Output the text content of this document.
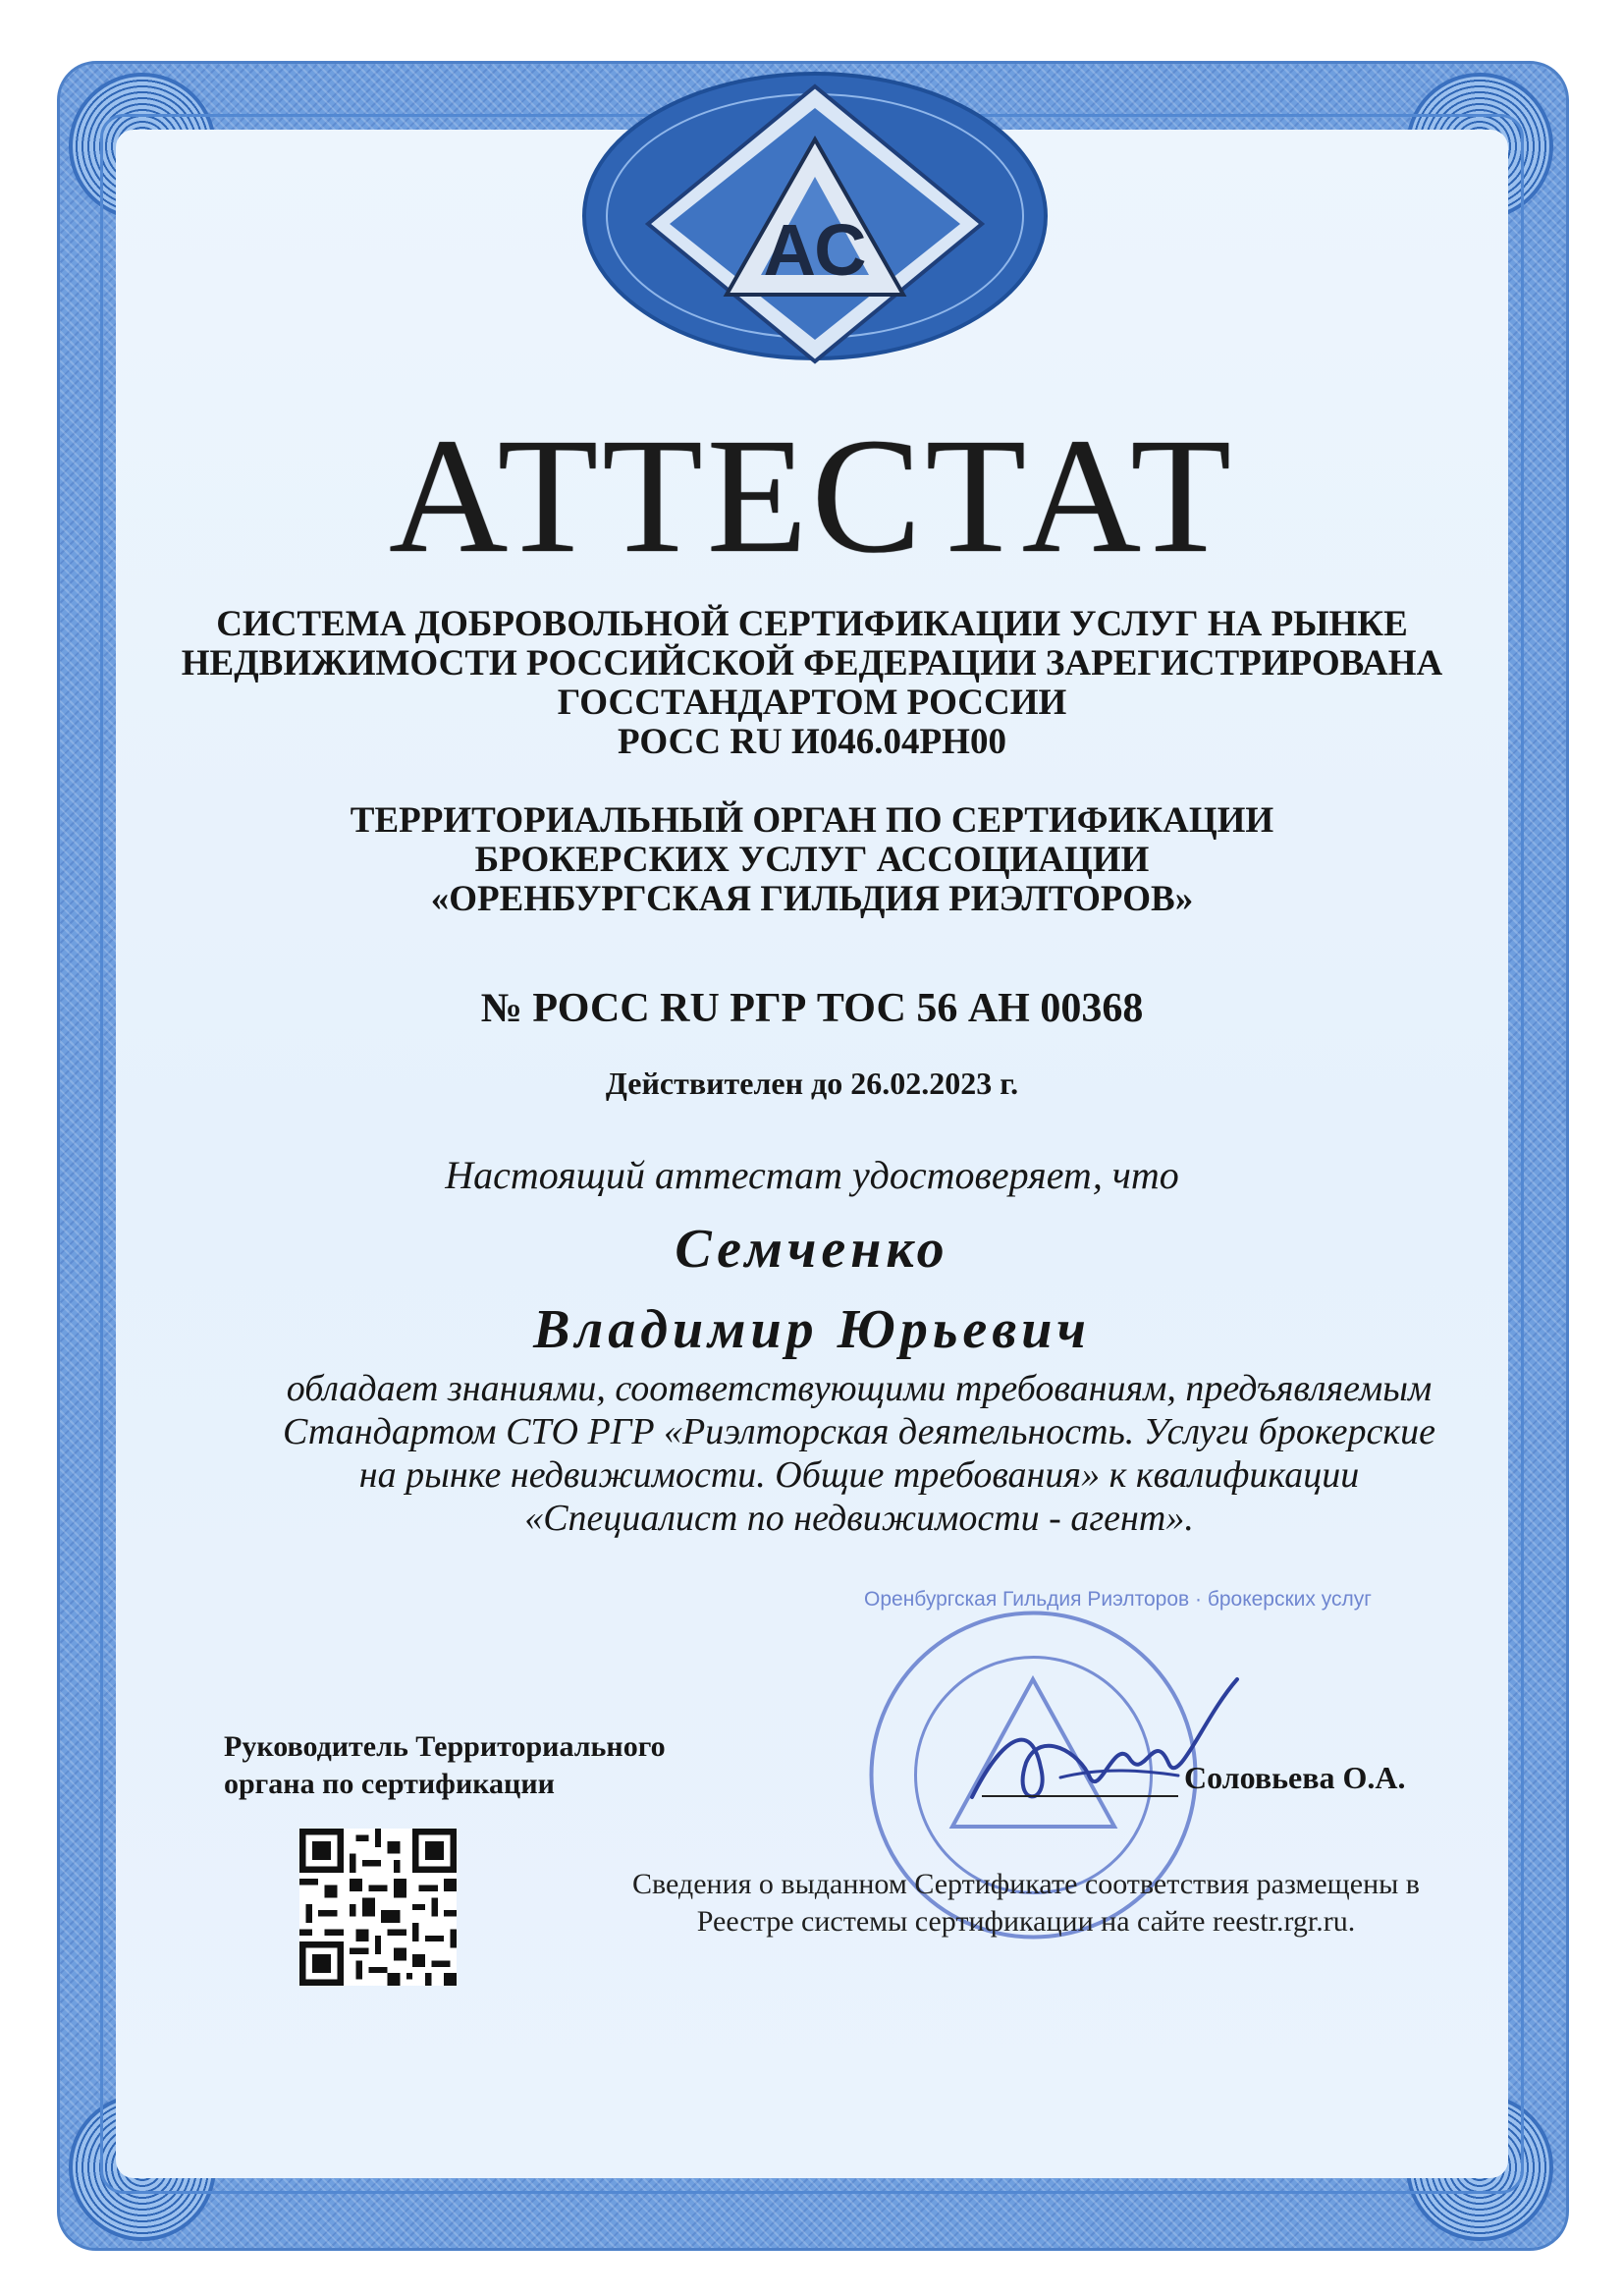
АС
АТТЕСТАТ
СИСТЕМА ДОБРОВОЛЬНОЙ СЕРТИФИКАЦИИ УСЛУГ НА РЫНКЕ
НЕДВИЖИМОСТИ РОССИЙСКОЙ ФЕДЕРАЦИИ ЗАРЕГИСТРИРОВАНА
ГОССТАНДАРТОМ РОССИИ
РОСС RU И046.04РН00
ТЕРРИТОРИАЛЬНЫЙ ОРГАН ПО СЕРТИФИКАЦИИ
БРОКЕРСКИХ УСЛУГ АССОЦИАЦИИ
«ОРЕНБУРГСКАЯ ГИЛЬДИЯ РИЭЛТОРОВ»
№ РОСС RU РГР ТОС 56 АН 00368
Действителен до 26.02.2023 г.
Настоящий аттестат удостоверяет, что
Семченко
Владимир Юрьевич
обладает знаниями, соответствующими требованиям, предъявляемым
Стандартом СТО РГР «Риэлторская деятельность. Услуги брокерские
на рынке недвижимости. Общие требования» к квалификации
«Специалист по недвижимости - агент».
Оренбургская Гильдия Риэлторов · брокерских услуг
Руководитель Территориального
органа по сертификации	Соловьева О.А.
Сведения о выданном Сертификате соответствия размещены в
Реестре системы сертификации на сайте reestr.rgr.ru.
